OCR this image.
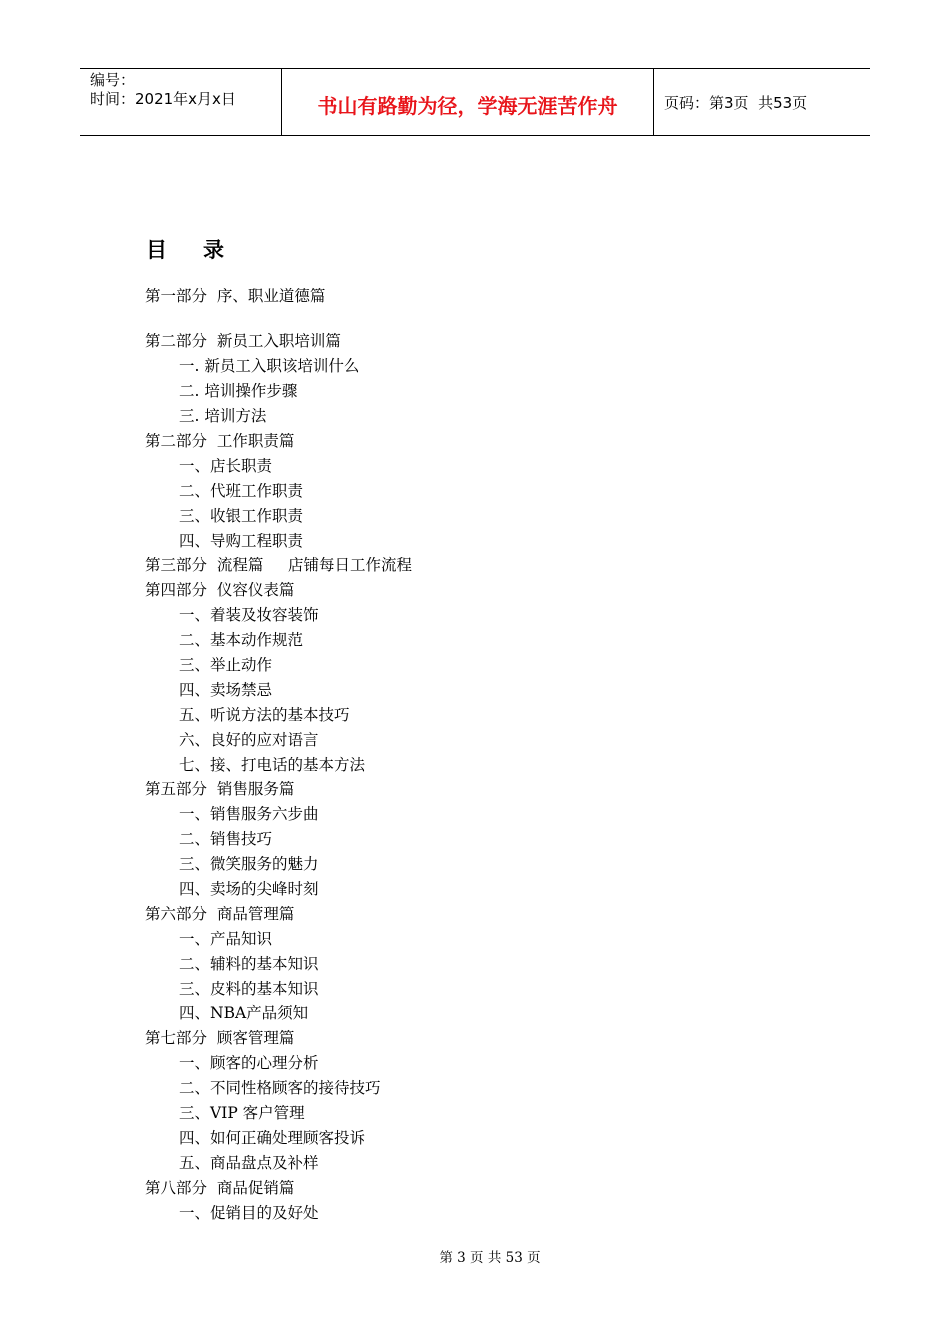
编号：
时间：2021年x月x日	书山有路勤为径，学海无涯苦作舟	页码：第3页  共53页
目录
第一部分  序、职业道德篇
第二部分  新员工入职培训篇
一. 新员工入职该培训什么
二. 培训操作步骤
三. 培训方法
第二部分  工作职责篇
一、店长职责
二、代班工作职责
三、收银工作职责
四、导购工程职责
第三部分  流程篇     店铺每日工作流程
第四部分  仪容仪表篇
一、着装及妆容装饰
二、基本动作规范
三、举止动作
四、卖场禁忌
五、听说方法的基本技巧
六、良好的应对语言
七、接、打电话的基本方法
第五部分  销售服务篇
一、销售服务六步曲
二、销售技巧
三、微笑服务的魅力
四、卖场的尖峰时刻
第六部分  商品管理篇
一、产品知识
二、辅料的基本知识
三、皮料的基本知识
四、NBA产品须知
第七部分  顾客管理篇
一、顾客的心理分析
二、不同性格顾客的接待技巧
三、VIP 客户管理
四、如何正确处理顾客投诉
五、商品盘点及补样
第八部分  商品促销篇
一、促销目的及好处
第 3 页 共 53 页
